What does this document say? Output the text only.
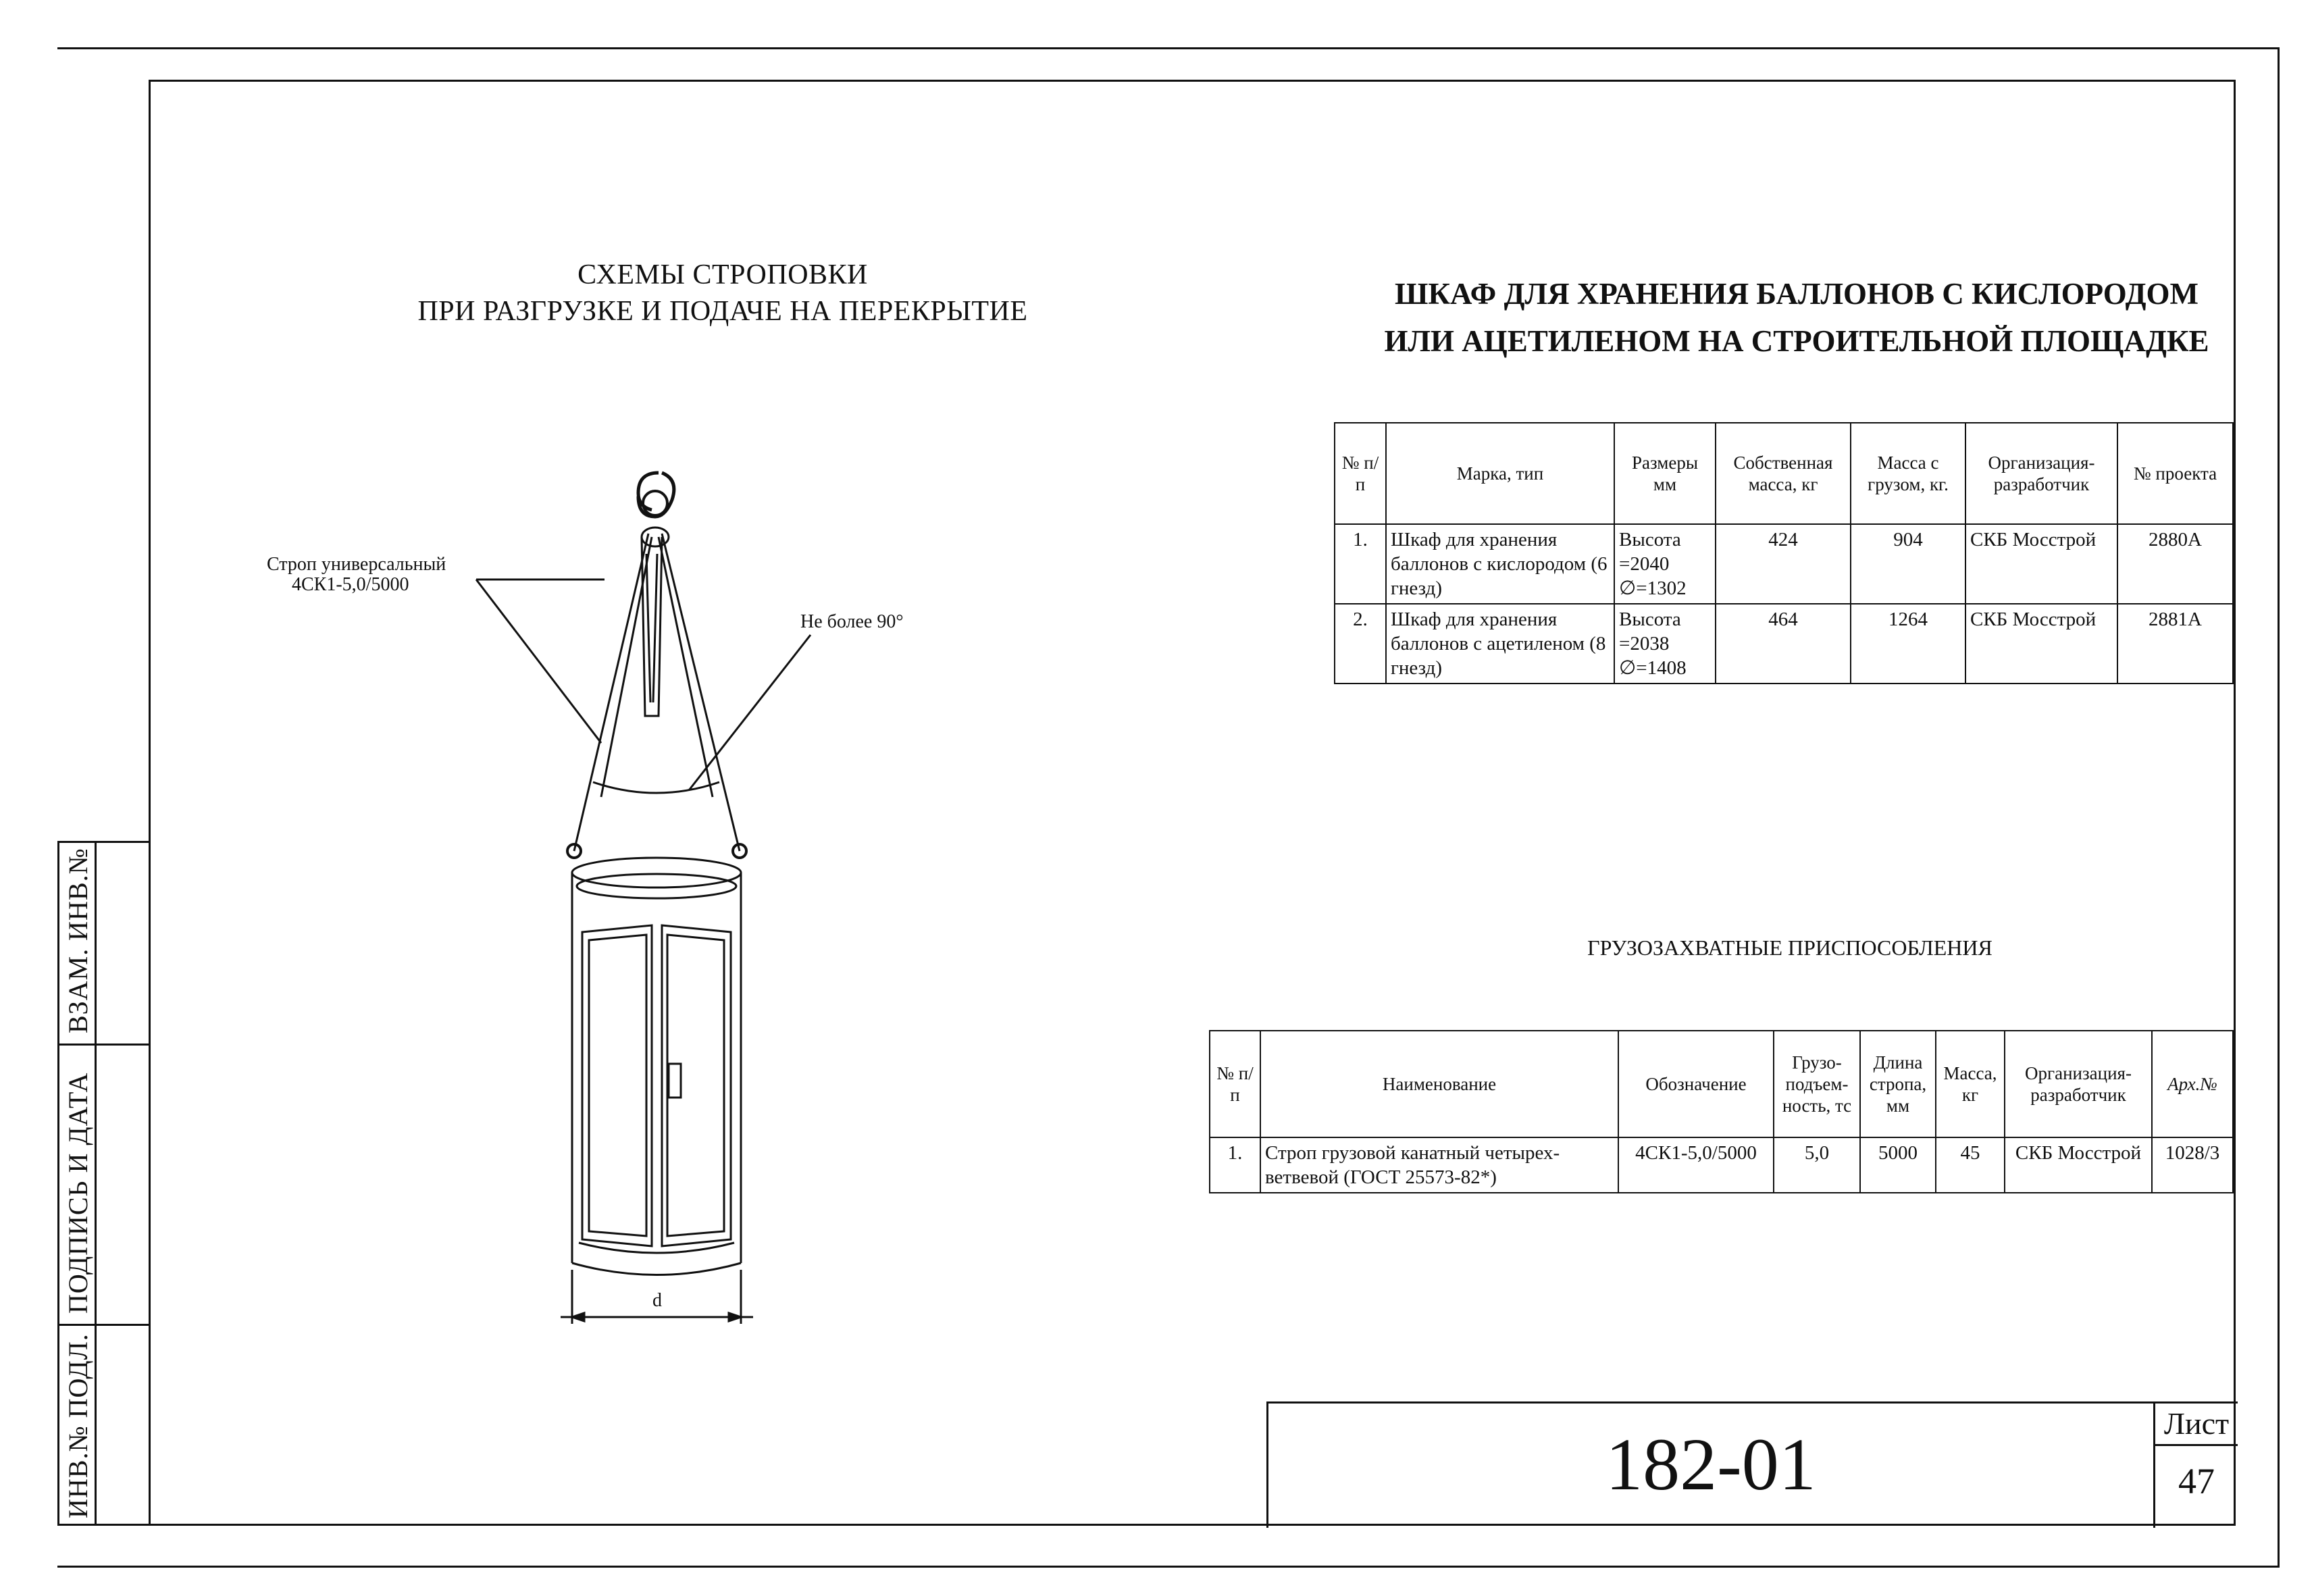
ВЗАМ. ИНВ.№
ПОДПИСЬ И ДАТА
ИНВ.№ ПОДЛ.
СХЕМЫ СТРОПОВКИ
ПРИ РАЗГРУЗКЕ И ПОДАЧЕ НА ПЕРЕКРЫТИЕ
Строп универсальный
4СК1-5,0/5000
Не более 90°
d
ШКАФ ДЛЯ ХРАНЕНИЯ БАЛЛОНОВ С КИСЛОРОДОМ
ИЛИ АЦЕТИЛЕНОМ НА СТРОИТЕЛЬНОЙ ПЛОЩАДКЕ
№ п/п	Марка, тип	Размеры мм	Собственная масса, кг	Масса с грузом, кг.	Организация-разработчик	№ проекта
1.	Шкаф для хранения баллонов с кислородом (6 гнезд)	Высота =2040 ∅=1302	424	904	СКБ Мосстрой	2880А
2.	Шкаф для хранения баллонов с ацетиленом (8 гнезд)	Высота =2038 ∅=1408	464	1264	СКБ Мосстрой	2881А
ГРУЗОЗАХВАТНЫЕ ПРИСПОСОБЛЕНИЯ
№ п/п	Наименование	Обозначение	Грузо-подъем-ность, тс	Длина стропа, мм	Масса, кг	Организация-разработчик	Арх.№
1.	Строп грузовой канатный четырех-ветвевой (ГОСТ 25573-82*)	4СК1-5,0/5000	5,0	5000	45	СКБ Мосстрой	1028/3
182-01	Лист
47
